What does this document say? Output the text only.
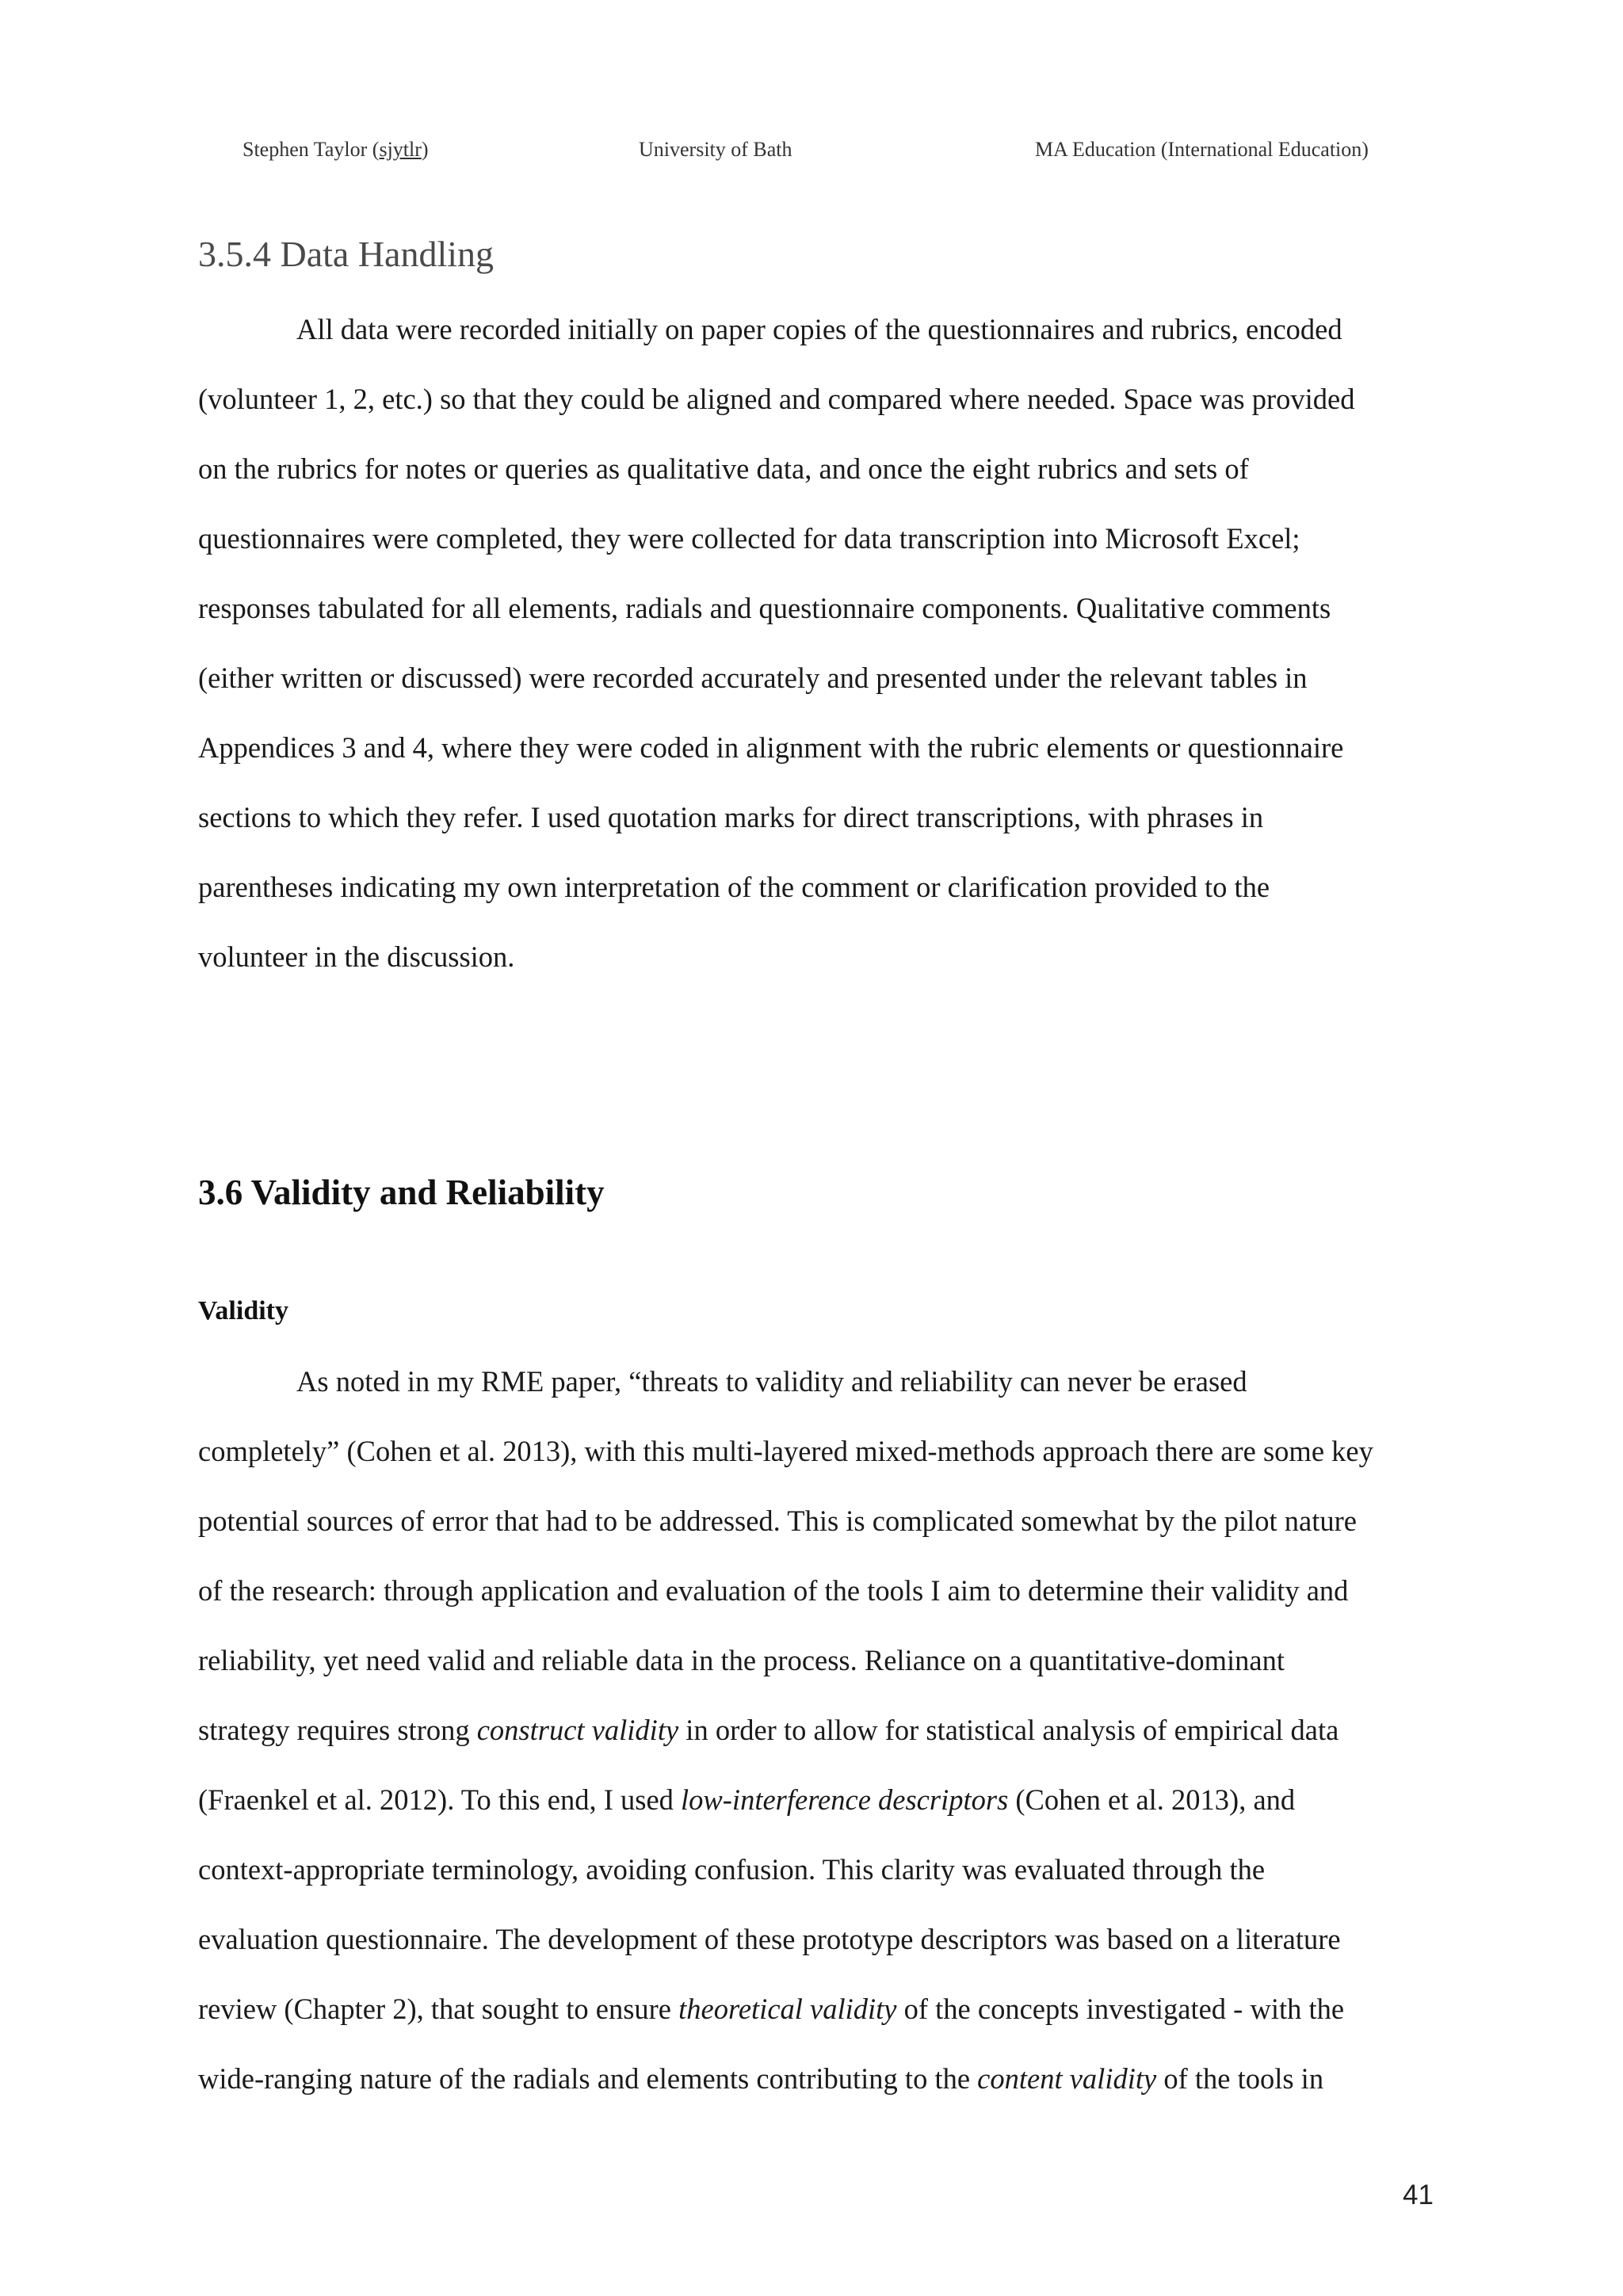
Stephen Taylor (sjytlr)	University of Bath	MA Education (International Education)
3.5.4 Data Handling
All data were recorded initially on paper copies of the questionnaires and rubrics, encoded
(volunteer 1, 2, etc.) so that they could be aligned and compared where needed. Space was provided
on the rubrics for notes or queries as qualitative data, and once the eight rubrics and sets of
questionnaires were completed, they were collected for data transcription into Microsoft Excel;
responses tabulated for all elements, radials and questionnaire components. Qualitative comments
(either written or discussed) were recorded accurately and presented under the relevant tables in
Appendices 3 and 4, where they were coded in alignment with the rubric elements or questionnaire
sections to which they refer. I used quotation marks for direct transcriptions, with phrases in
parentheses indicating my own interpretation of the comment or clarification provided to the
volunteer in the discussion.
3.6 Validity and Reliability
Validity
As noted in my RME paper, “threats to validity and reliability can never be erased
completely” (Cohen et al. 2013), with this multi-layered mixed-methods approach there are some key
potential sources of error that had to be addressed. This is complicated somewhat by the pilot nature
of the research: through application and evaluation of the tools I aim to determine their validity and
reliability, yet need valid and reliable data in the process. Reliance on a quantitative-dominant
strategy requires strong construct validity in order to allow for statistical analysis of empirical data
(Fraenkel et al. 2012). To this end, I used low-interference descriptors (Cohen et al. 2013), and
context-appropriate terminology, avoiding confusion. This clarity was evaluated through the
evaluation questionnaire. The development of these prototype descriptors was based on a literature
review (Chapter 2), that sought to ensure theoretical validity of the concepts investigated - with the
wide-ranging nature of the radials and elements contributing to the content validity of the tools in
41
